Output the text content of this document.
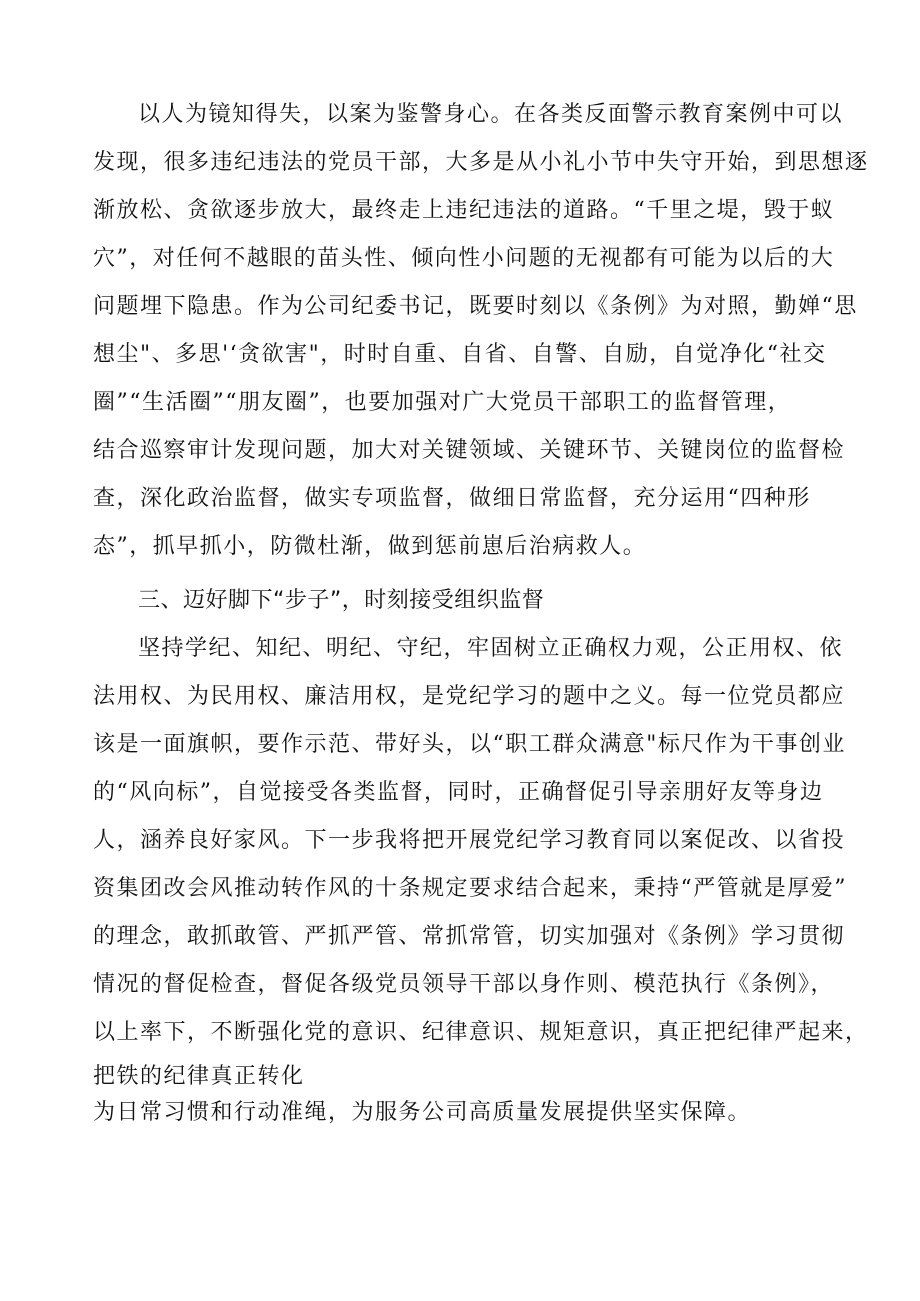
以人为镜知得失，以案为鉴警身心。在各类反面警示教育案例中可以
发现，很多违纪违法的党员干部，大多是从小礼小节中失守开始，到思想逐
渐放松、贪欲逐步放大，最终走上违纪违法的道路。“千里之堤，毁于蚁
穴”，对任何不越眼的苗头性、倾向性小问题的无视都有可能为以后的大
问题埋下隐患。作为公司纪委书记，既要时刻以《条例》为对照，勤婵“思
想尘"、多思'‘贪欲害"，时时自重、自省、自警、自励，自觉净化“社交
圈”“生活圈”“朋友圈”，也要加强对广大党员干部职工的监督管理，
结合巡察审计发现问题，加大对关键领域、关键环节、关键岗位的监督检
查，深化政治监督，做实专项监督，做细日常监督，充分运用“四种形
态”，抓早抓小，防微杜渐，做到惩前崽后治病救人。
三、迈好脚下“步子”，时刻接受组织监督
坚持学纪、知纪、明纪、守纪，牢固树立正确权力观，公正用权、依
法用权、为民用权、廉洁用权，是党纪学习的题中之义。每一位党员都应
该是一面旗帜，要作示范、带好头，以“职工群众满意"标尺作为干事创业
的“风向标”，自觉接受各类监督，同时，正确督促引导亲朋好友等身边
人，涵养良好家风。下一步我将把开展党纪学习教育同以案促改、以省投
资集团改会风推动转作风的十条规定要求结合起来，秉持“严管就是厚爱”
的理念，敢抓敢管、严抓严管、常抓常管，切实加强对《条例》学习贯彻
情况的督促检查，督促各级党员领导干部以身作则、模范执行《条例》，
以上率下，不断强化党的意识、纪律意识、规矩意识，真正把纪律严起来，
把铁的纪律真正转化
为日常习惯和行动准绳，为服务公司高质量发展提供坚实保障。
